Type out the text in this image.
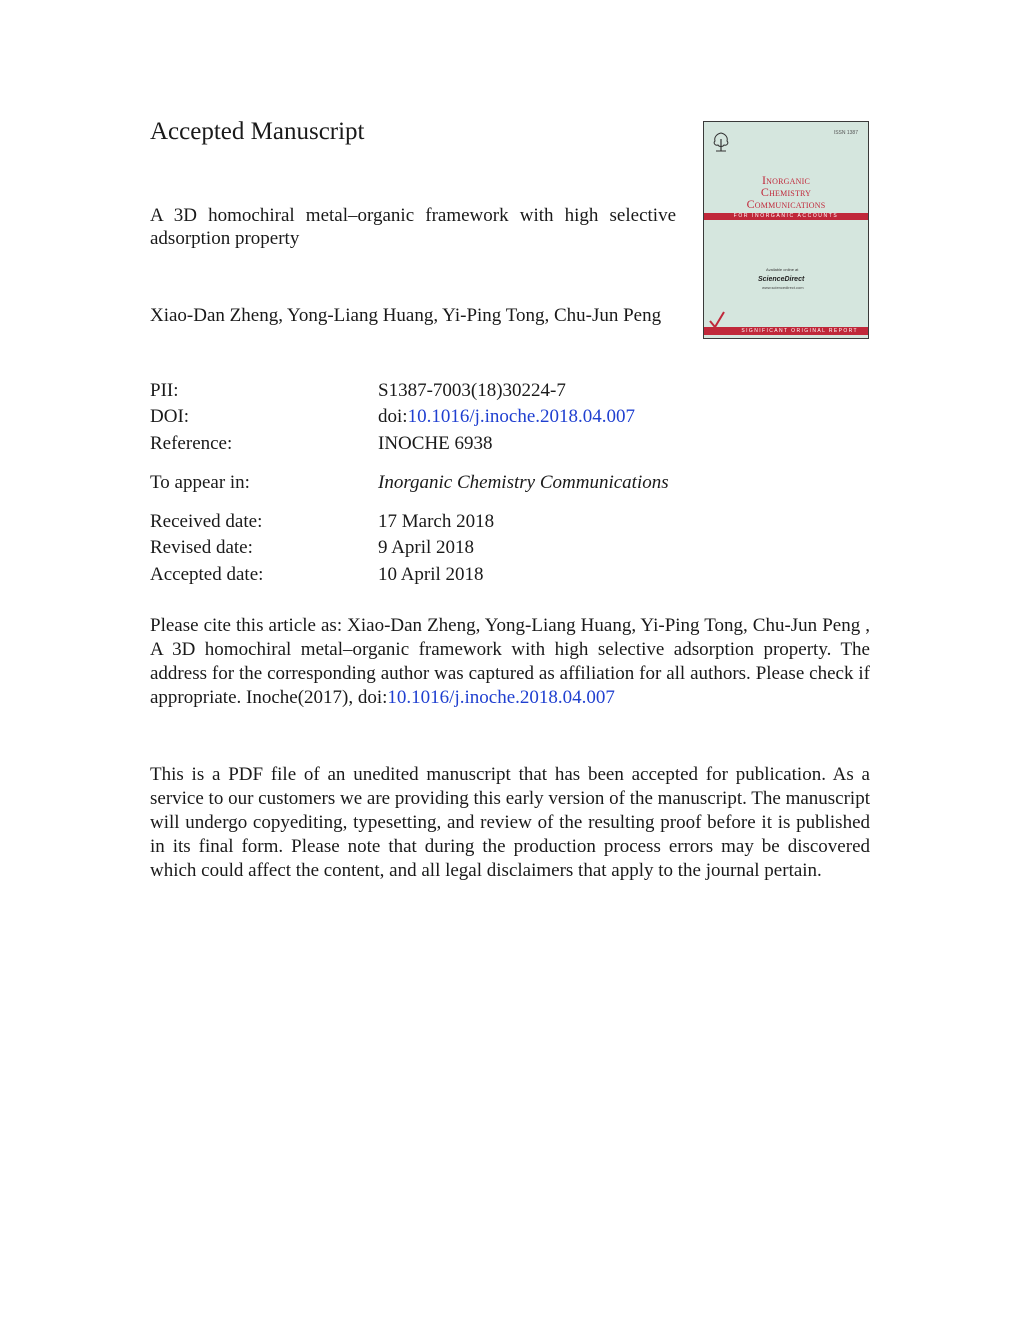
Accepted Manuscript
A 3D homochiral metal–organic framework with high selective adsorption property
Xiao-Dan Zheng, Yong-Liang Huang, Yi-Ping Tong, Chu-Jun Peng
PII:	S1387-7003(18)30224-7
DOI:	doi:10.1016/j.inoche.2018.04.007
Reference:	INOCHE 6938
To appear in:	Inorganic Chemistry Communications
Received date:	17 March 2018
Revised date:	9 April 2018
Accepted date:	10 April 2018
Please cite this article as: Xiao-Dan Zheng, Yong-Liang Huang, Yi-Ping Tong, Chu-Jun Peng , A 3D homochiral metal–organic framework with high selective adsorption property. The address for the corresponding author was captured as affiliation for all authors. Please check if appropriate. Inoche(2017), doi:10.1016/j.inoche.2018.04.007
This is a PDF file of an unedited manuscript that has been accepted for publication. As a service to our customers we are providing this early version of the manuscript. The manuscript will undergo copyediting, typesetting, and review of the resulting proof before it is published in its final form. Please note that during the production process errors may be discovered which could affect the content, and all legal disclaimers that apply to the journal pertain.
ISSN 1387
Inorganic
Chemistry
Communications
FOR INORGANIC ACCOUNTS
Available online at
ScienceDirect
www.sciencedirect.com
SIGNIFICANT ORIGINAL REPORT
